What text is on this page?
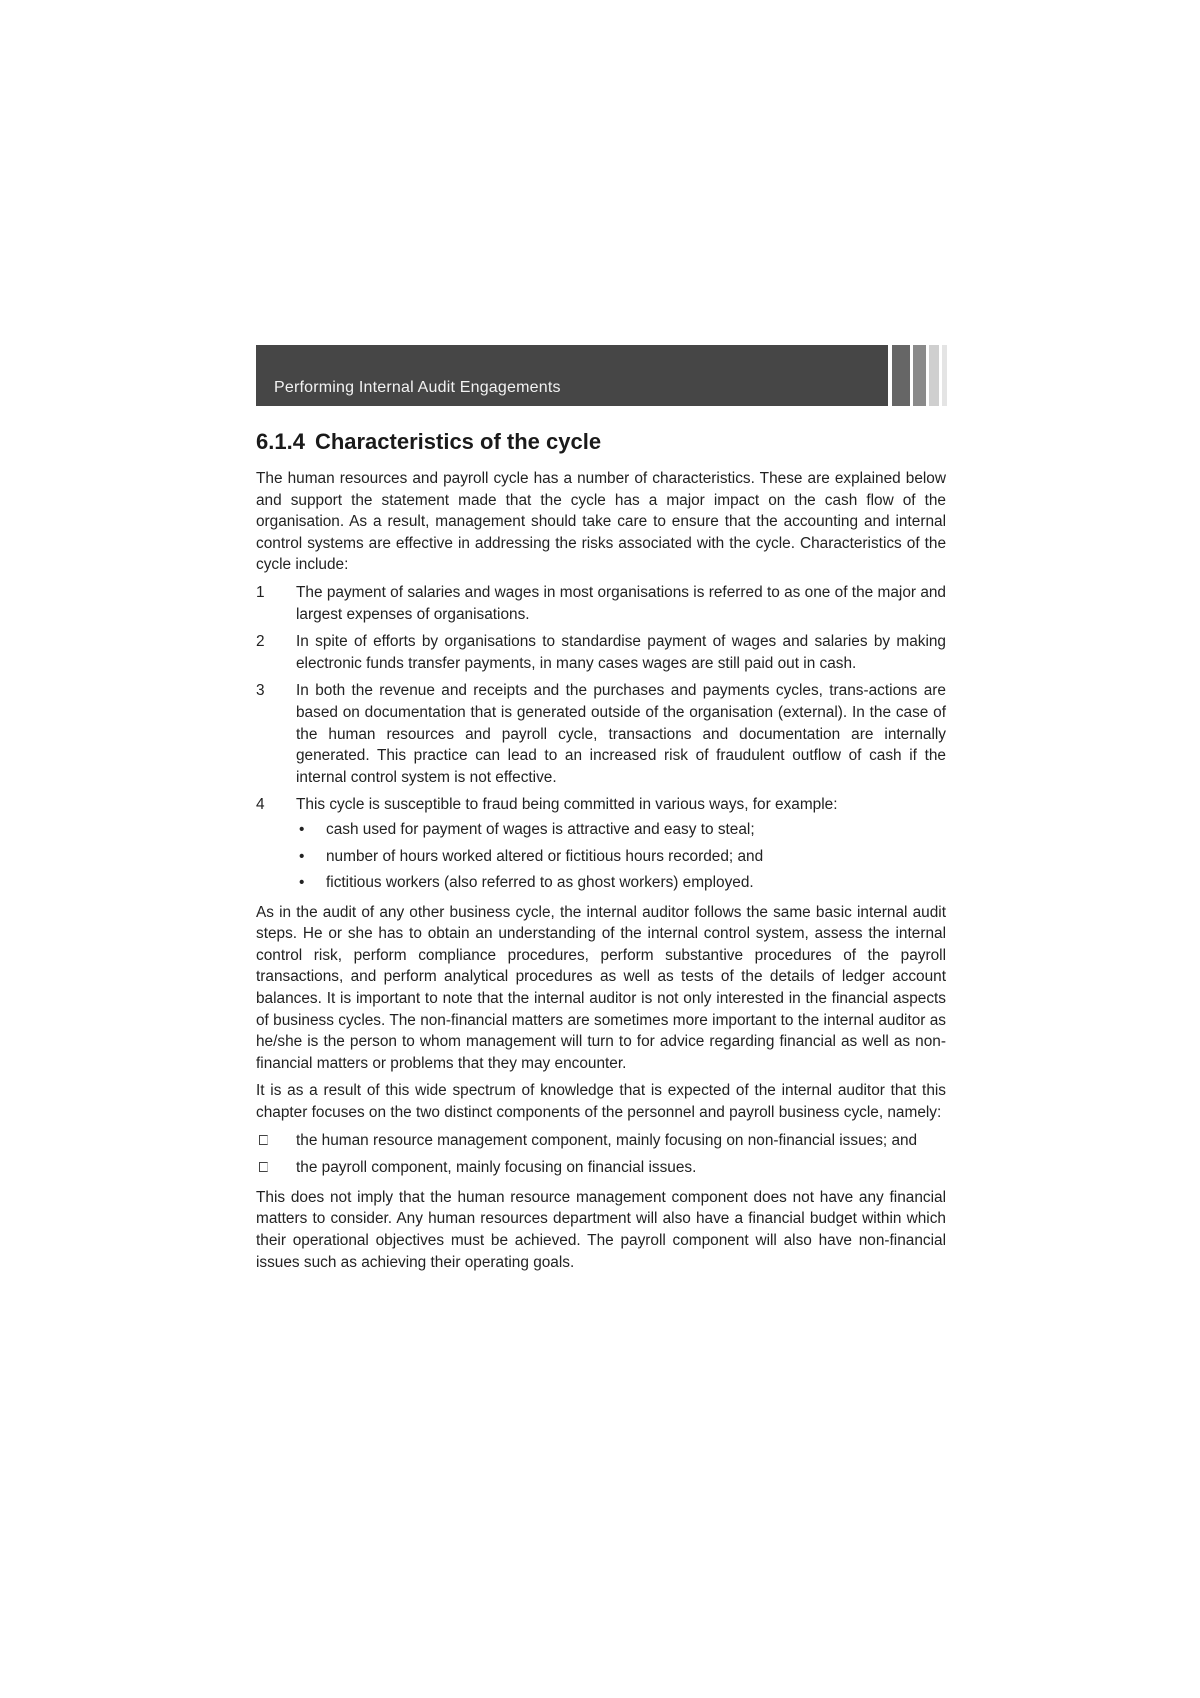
Performing Internal Audit Engagements
6.1.4 Characteristics of the cycle

The human resources and payroll cycle has a number of characteristics. These are explained below and support the statement made that the cycle has a major impact on the cash flow of the organisation. As a result, management should take care to ensure that the accounting and internal control systems are effective in addressing the risks associated with the cycle. Characteristics of the cycle include:

1 The payment of salaries and wages in most organisations is referred to as one of the major and largest expenses of organisations.
2 In spite of efforts by organisations to standardise payment of wages and salaries by making electronic funds transfer payments, in many cases wages are still paid out in cash.
3 In both the revenue and receipts and the purchases and payments cycles, trans-actions are based on documentation that is generated outside of the organisation (external). In the case of the human resources and payroll cycle, transactions and documentation are internally generated. This practice can lead to an increased risk of fraudulent outflow of cash if the internal control system is not effective.
4 This cycle is susceptible to fraud being committed in various ways, for example:
• cash used for payment of wages is attractive and easy to steal;
• number of hours worked altered or fictitious hours recorded; and
• fictitious workers (also referred to as ghost workers) employed.

As in the audit of any other business cycle, the internal auditor follows the same basic internal audit steps. He or she has to obtain an understanding of the internal control system, assess the internal control risk, perform compliance procedures, perform substantive procedures of the payroll transactions, and perform analytical procedures as well as tests of the details of ledger account balances. It is important to note that the internal auditor is not only interested in the financial aspects of business cycles. The non-financial matters are sometimes more important to the internal auditor as he/she is the person to whom management will turn to for advice regarding financial as well as non-financial matters or problems that they may encounter.

It is as a result of this wide spectrum of knowledge that is expected of the internal auditor that this chapter focuses on the two distinct components of the personnel and payroll business cycle, namely:

the human resource management component, mainly focusing on non-financial issues; and
the payroll component, mainly focusing on financial issues.

This does not imply that the human resource management component does not have any financial matters to consider. Any human resources department will also have a financial budget within which their operational objectives must be achieved. The payroll component will also have non-financial issues such as achieving their operating goals.
